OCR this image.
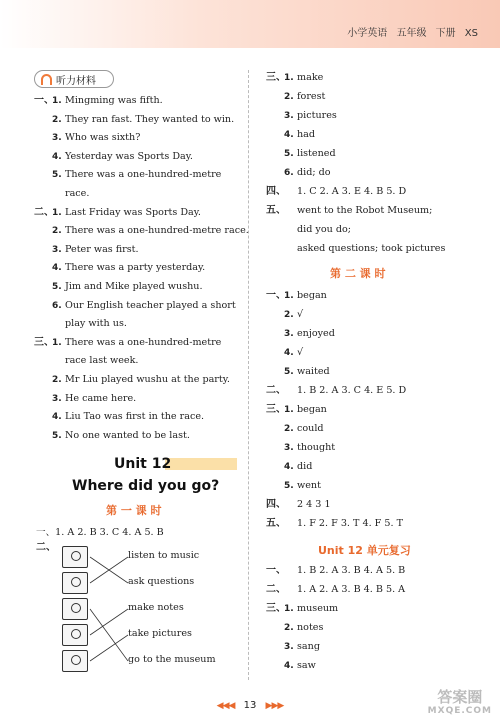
小学英语 五年级 下册 XS
听力材料
一、1. Mingming was fifth.
2. They ran fast. They wanted to win.
3. Who was sixth?
4. Yesterday was Sports Day.
5. There was a one-hundred-metre
race.
二、1. Last Friday was Sports Day.
2. There was a one-hundred-metre race.
3. Peter was first.
4. There was a party yesterday.
5. Jim and Mike played wushu.
6. Our English teacher played a short
play with us.
三、1. There was a one-hundred-metre
race last week.
2. Mr Liu played wushu at the party.
3. He came here.
4. Liu Tao was first in the race.
5. No one wanted to be last.
Unit 12
Where did you go?
第 一 课 时
一、1. A 2. B 3. C 4. A 5. B
二、
listen to music
ask questions
make notes
take pictures
go to the museum
三、1. make
2. forest
3. pictures
4. had
5. listened
6. did; do
四、 1. C 2. A 3. E 4. B 5. D
五、 went to the Robot Museum;
did you do;
asked questions; took pictures
第 二 课 时
一、1. began
2. √
3. enjoyed
4. √
5. waited
二、 1. B 2. A 3. C 4. E 5. D
三、1. began
2. could
3. thought
4. did
5. went
四、 2 4 3 1
五、 1. F 2. F 3. T 4. F 5. T
Unit 12 单元复习
一、 1. B 2. A 3. B 4. A 5. B
二、 1. A 2. A 3. B 4. B 5. A
三、1. museum
2. notes
3. sang
4. saw
◀◀◀ 13 ▶▶▶	答案圈
MXQE.COM
